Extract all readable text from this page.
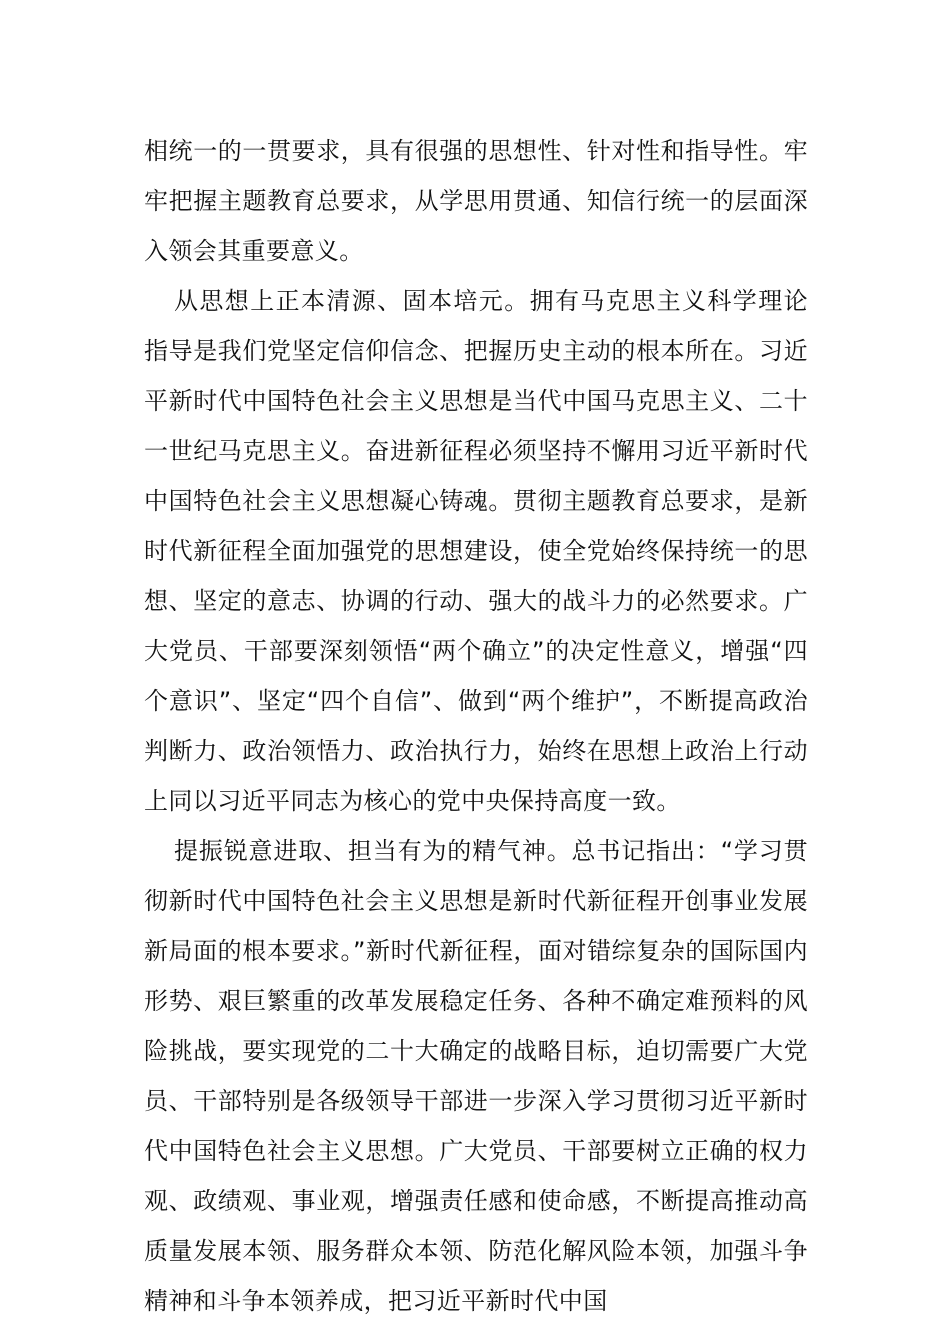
相统一的一贯要求，具有很强的思想性、针对性和指导性。牢牢把握主题教育总要求，从学思用贯通、知信行统一的层面深入领会其重要意义。

从思想上正本清源、固本培元。拥有马克思主义科学理论指导是我们党坚定信仰信念、把握历史主动的根本所在。习近平新时代中国特色社会主义思想是当代中国马克思主义、二十一世纪马克思主义。奋进新征程必须坚持不懈用习近平新时代中国特色社会主义思想凝心铸魂。贯彻主题教育总要求，是新时代新征程全面加强党的思想建设，使全党始终保持统一的思想、坚定的意志、协调的行动、强大的战斗力的必然要求。广大党员、干部要深刻领悟“两个确立”的决定性意义，增强“四个意识”、坚定“四个自信”、做到“两个维护”，不断提高政治判断力、政治领悟力、政治执行力，始终在思想上政治上行动上同以习近平同志为核心的党中央保持高度一致。

提振锐意进取、担当有为的精气神。总书记指出：“学习贯彻新时代中国特色社会主义思想是新时代新征程开创事业发展新局面的根本要求。”新时代新征程，面对错综复杂的国际国内形势、艰巨繁重的改革发展稳定任务、各种不确定难预料的风险挑战，要实现党的二十大确定的战略目标，迫切需要广大党员、干部特别是各级领导干部进一步深入学习贯彻习近平新时代中国特色社会主义思想。广大党员、干部要树立正确的权力观、政绩观、事业观，增强责任感和使命感，不断提高推动高质量发展本领、服务群众本领、防范化解风险本领，加强斗争精神和斗争本领养成，把习近平新时代中国
